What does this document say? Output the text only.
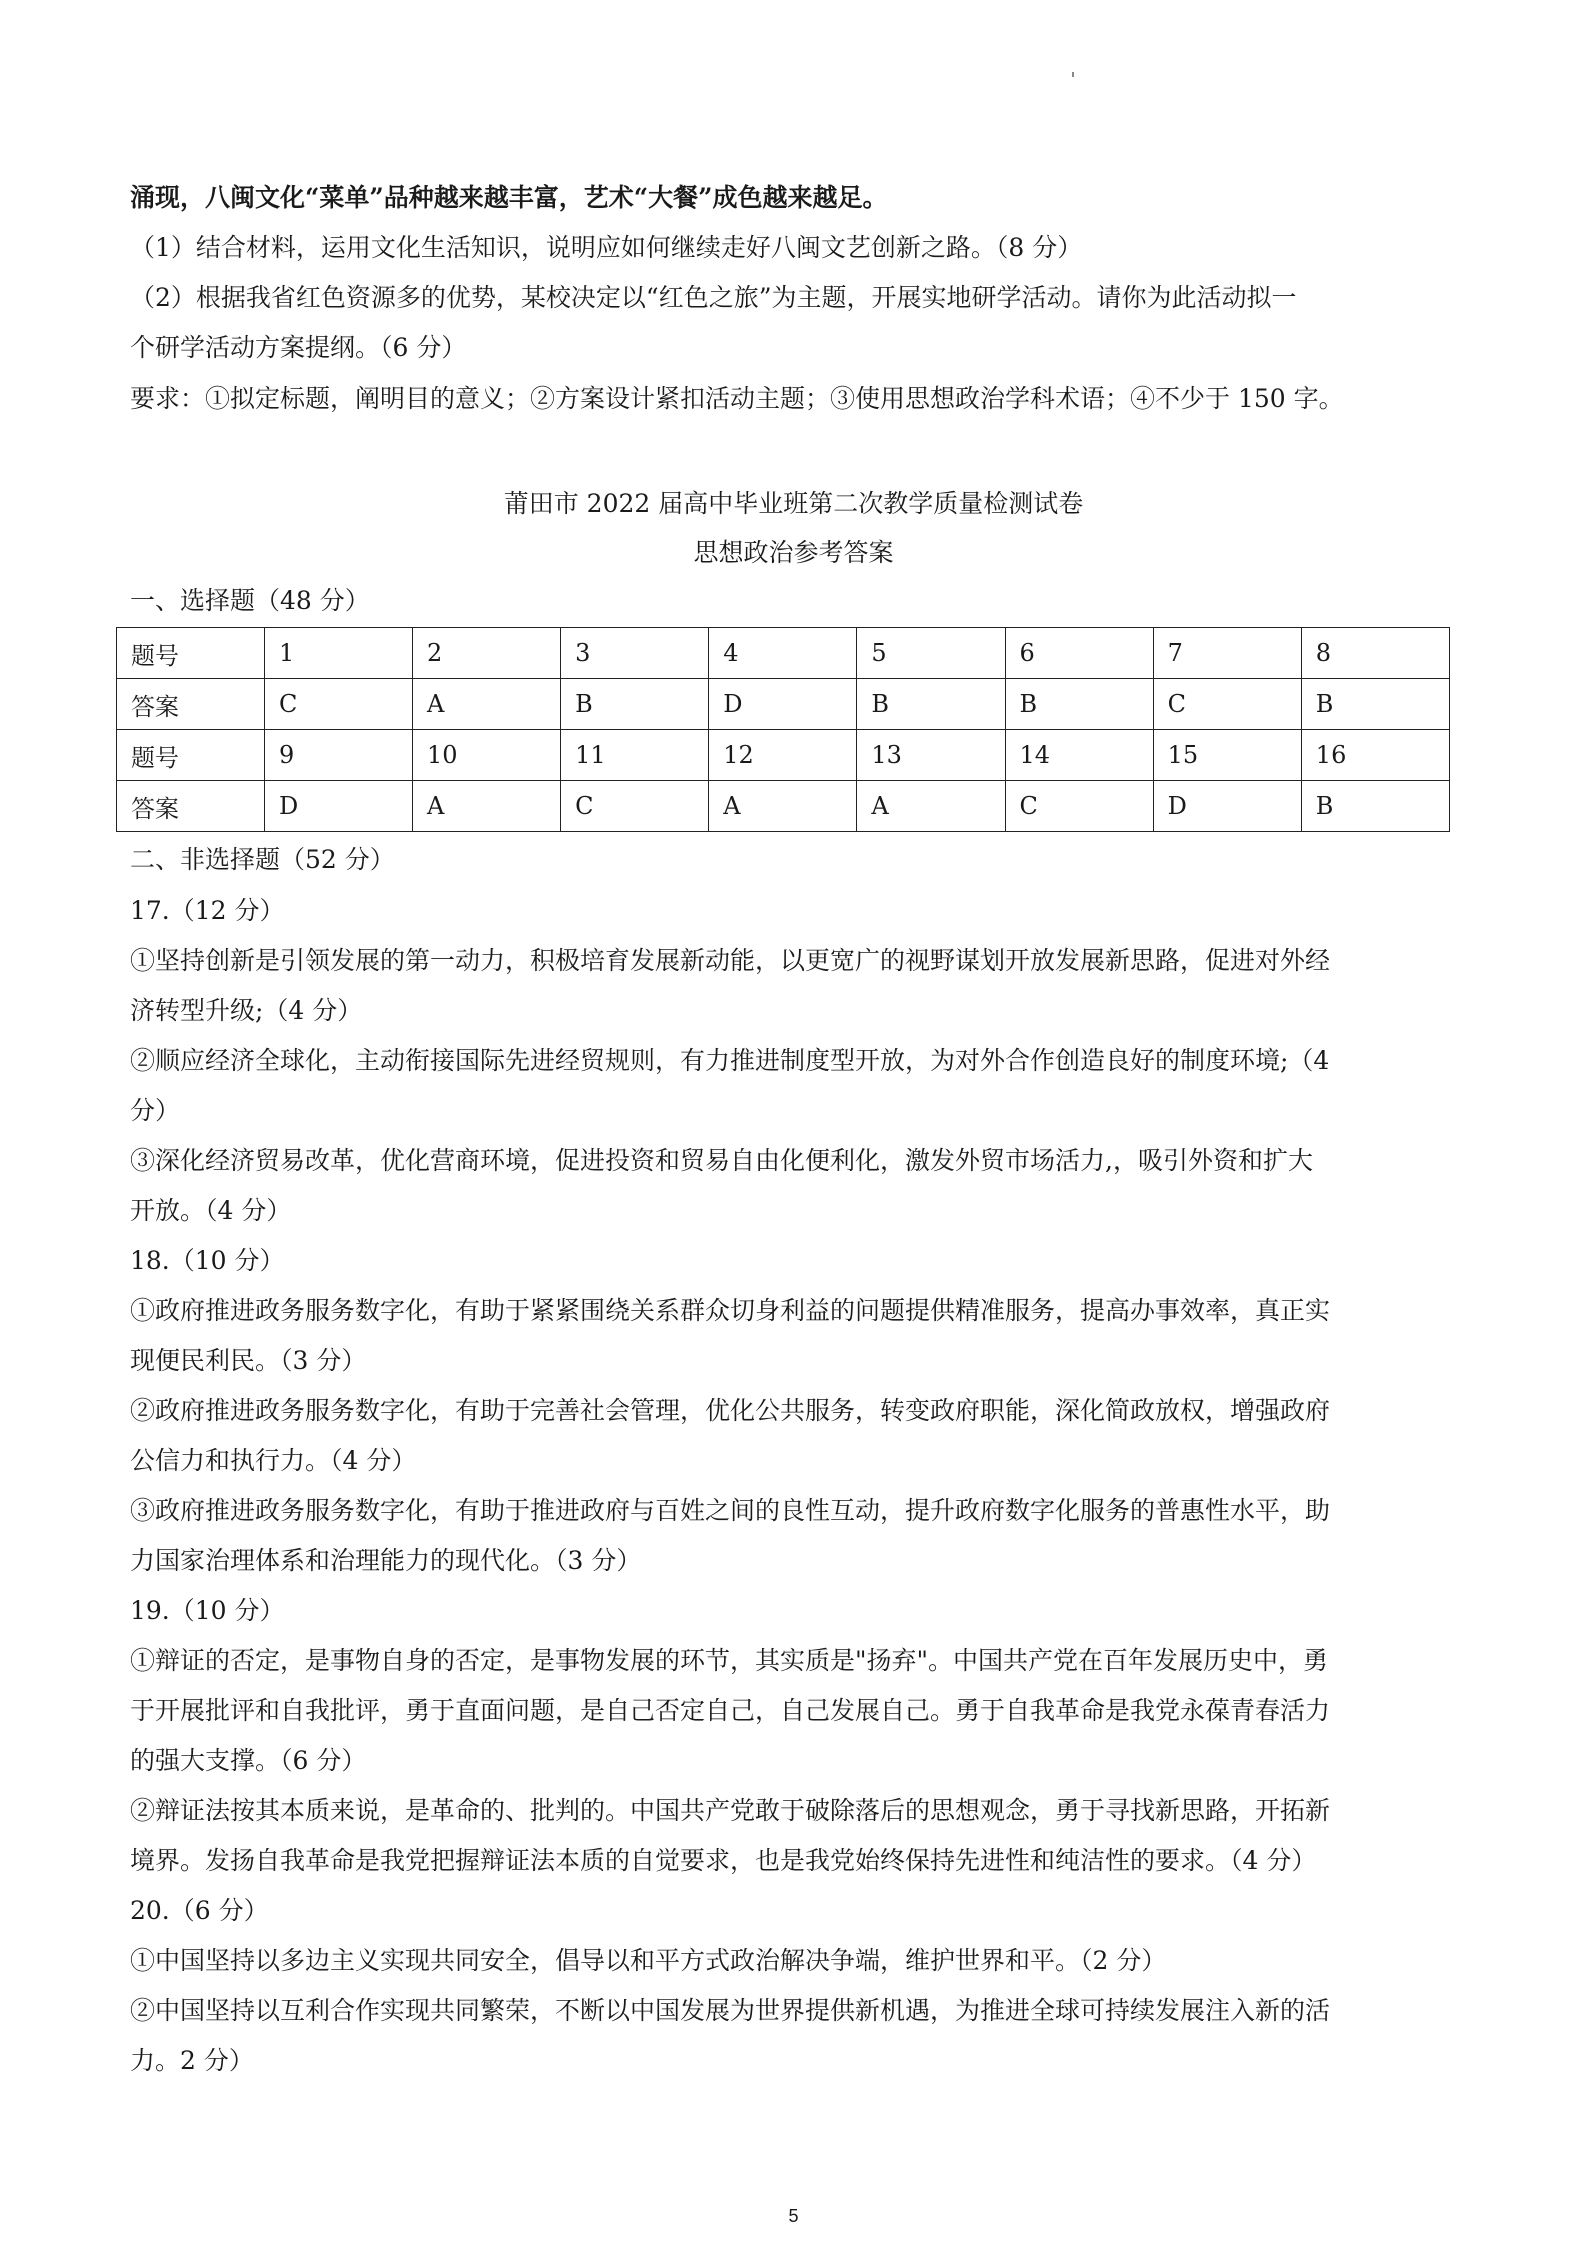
涌现，八闽文化“菜单”品种越来越丰富，艺术“大餐”成色越来越足。
（1）结合材料，运用文化生活知识，说明应如何继续走好八闽文艺创新之路。（8 分）
（2）根据我省红色资源多的优势，某校决定以“红色之旅”为主题，开展实地研学活动。请你为此活动拟一
个研学活动方案提纲。（6 分）
要求：①拟定标题，阐明目的意义；②方案设计紧扣活动主题；③使用思想政治学科术语；④不少于 150 字。
莆田市 2022 届高中毕业班第二次教学质量检测试卷
思想政治参考答案
一、选择题（48 分）
题号	1	2	3	4	5	6	7	8
答案	C	A	B	D	B	B	C	B
题号	9	10	11	12	13	14	15	16
答案	D	A	C	A	A	C	D	B
二、非选择题（52 分）
17.（12 分）
①坚持创新是引领发展的第一动力，积极培育发展新动能，以更宽广的视野谋划开放发展新思路，促进对外经
济转型升级;（4 分）
②顺应经济全球化，主动衔接国际先进经贸规则，有力推进制度型开放，为对外合作创造良好的制度环境;（4
分）
③深化经济贸易改革，优化营商环境，促进投资和贸易自由化便利化，激发外贸市场活力,，吸引外资和扩大
开放。（4 分）
18.（10 分）
①政府推进政务服务数字化，有助于紧紧围绕关系群众切身利益的问题提供精准服务，提高办事效率，真正实
现便民利民。（3 分）
②政府推进政务服务数字化，有助于完善社会管理，优化公共服务，转变政府职能，深化简政放权，增强政府
公信力和执行力。（4 分）
③政府推进政务服务数字化，有助于推进政府与百姓之间的良性互动，提升政府数字化服务的普惠性水平，助
力国家治理体系和治理能力的现代化。（3 分）
19.（10 分）
①辩证的否定，是事物自身的否定，是事物发展的环节，其实质是"扬弃"。中国共产党在百年发展历史中，勇
于开展批评和自我批评，勇于直面问题，是自己否定自己，自己发展自己。勇于自我革命是我党永葆青春活力
的强大支撑。（6 分）
②辩证法按其本质来说，是革命的、批判的。中国共产党敢于破除落后的思想观念，勇于寻找新思路，开拓新
境界。发扬自我革命是我党把握辩证法本质的自觉要求，也是我党始终保持先进性和纯洁性的要求。（4 分）
20.（6 分）
①中国坚持以多边主义实现共同安全，倡导以和平方式政治解决争端，维护世界和平。（2 分）
②中国坚持以互利合作实现共同繁荣，不断以中国发展为世界提供新机遇，为推进全球可持续发展注入新的活
力。2 分）
5
